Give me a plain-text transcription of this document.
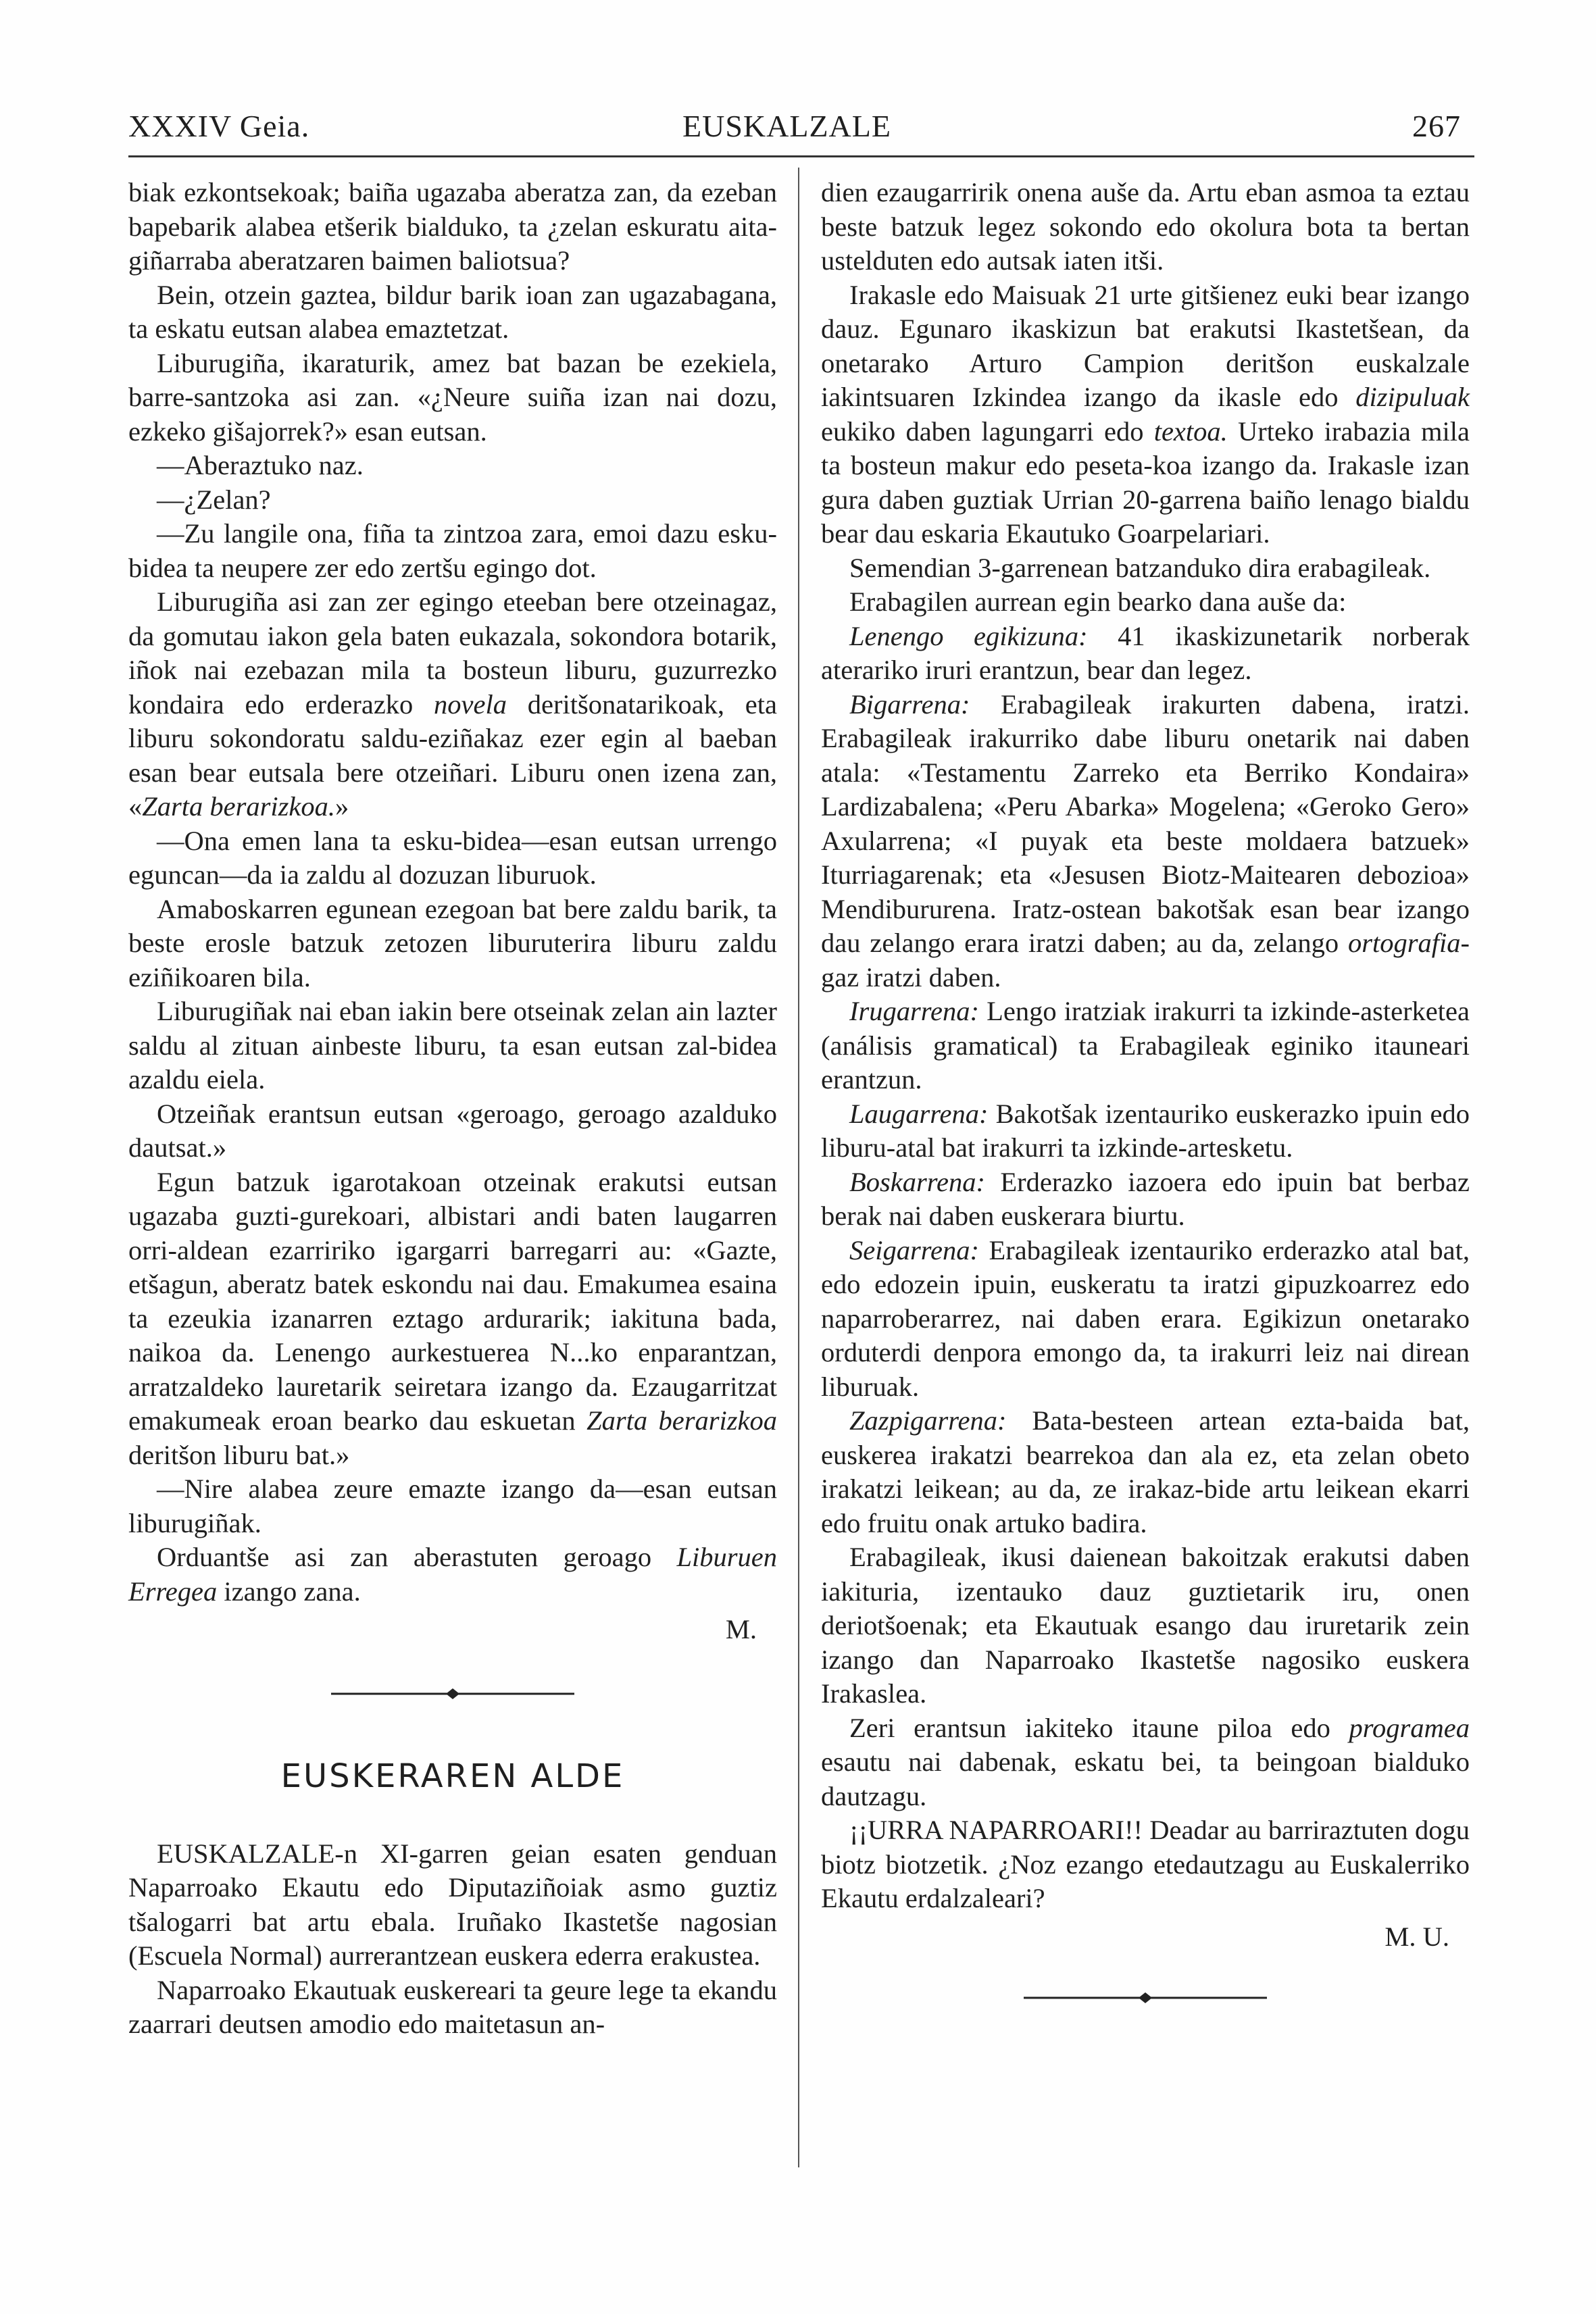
XXXIV Geia.	EUSKALZALE	267

biak ezkontsekoak; baiña ugazaba aberatza zan, da ezeban bapebarik alabea etšerik bialduko, ta ¿zelan eskuratu aita-giñarraba aberatzaren baimen baliotsua?

Bein, otzein gaztea, bildur barik ioan zan ugazabagana, ta eskatu eutsan alabea emaztetzat.

Liburugiña, ikaraturik, amez bat bazan be ezekiela, barre-santzoka asi zan. «¿Neure suiña izan nai dozu, ezkeko gišajorrek?» esan eutsan.

—Aberaztuko naz.

—¿Zelan?

—Zu langile ona, fiña ta zintzoa zara, emoi dazu esku-bidea ta neupere zer edo zertšu egingo dot.

Liburugiña asi zan zer egingo eteeban bere otzeinagaz, da gomutau iakon gela baten eukazala, sokondora botarik, iñok nai ezebazan mila ta bosteun liburu, guzurrezko kondaira edo erderazko novela deritšonatarikoak, eta liburu sokondoratu saldu-eziñakaz ezer egin al baeban esan bear eutsala bere otzeiñari. Liburu onen izena zan, «Zarta berarizkoa.»

—Ona emen lana ta esku-bidea—esan eutsan urrengo eguncan—da ia zaldu al dozuzan liburuok.

Amaboskarren egunean ezegoan bat bere zaldu barik, ta beste erosle batzuk zetozen liburuterira liburu zaldu eziñikoaren bila.

Liburugiñak nai eban iakin bere otseinak zelan ain lazter saldu al zituan ainbeste liburu, ta esan eutsan zal-bidea azaldu eiela.

Otzeiñak erantsun eutsan «geroago, geroago azalduko dautsat.»

Egun batzuk igarotakoan otzeinak erakutsi eutsan ugazaba guzti-gurekoari, albistari andi baten laugarren orri-aldean ezarririko igargarri barregarri au: «Gazte, etšagun, aberatz batek eskondu nai dau. Emakumea esaina ta ezeukia izanarren eztago ardurarik; iakituna bada, naikoa da. Lenengo aurkestuerea N...ko enparantzan, arratzaldeko lauretarik seiretara izango da. Ezaugarritzat emakumeak eroan bearko dau eskuetan Zarta berarizkoa deritšon liburu bat.»

—Nire alabea zeure emazte izango da—esan eutsan liburugiñak.

Orduantše asi zan aberastuten geroago Liburuen Erregea izango zana.

M.

EUSKERAREN ALDE

EUSKALZALE-n XI-garren geian esaten genduan Naparroako Ekautu edo Diputaziñoiak asmo guztiz tšalogarri bat artu ebala. Iruñako Ikastetše nagosian (Escuela Normal) aurrerantzean euskera ederra erakustea.

Naparroako Ekautuak euskereari ta geure lege ta ekandu zaarrari deutsen amodio edo maitetasun an-

dien ezaugarririk onena auše da. Artu eban asmoa ta eztau beste batzuk legez sokondo edo okolura bota ta bertan ustelduten edo autsak iaten itši.

Irakasle edo Maisuak 21 urte gitšienez euki bear izango dauz. Egunaro ikaskizun bat erakutsi Ikastetšean, da onetarako Arturo Campion deritšon euskalzale iakintsuaren Izkindea izango da ikasle edo dizipuluak eukiko daben lagungarri edo textoa. Urteko irabazia mila ta bosteun makur edo peseta-koa izango da. Irakasle izan gura daben guztiak Urrian 20-garrena baiño lenago bialdu bear dau eskaria Ekautuko Goarpelariari.

Semendian 3-garrenean batzanduko dira erabagileak.

Erabagilen aurrean egin bearko dana auše da:

Lenengo egikizuna: 41 ikaskizunetarik norberak aterariko iruri erantzun, bear dan legez.

Bigarrena: Erabagileak irakurten dabena, iratzi. Erabagileak irakurriko dabe liburu onetarik nai daben atala: «Testamentu Zarreko eta Berriko Kondaira» Lardizabalena; «Peru Abarka» Mogelena; «Geroko Gero» Axularrena; «I puyak eta beste moldaera batzuek» Iturriagarenak; eta «Jesusen Biotz-Maitearen debozioa» Mendibururena. Iratz-ostean bakotšak esan bear izango dau zelango erara iratzi daben; au da, zelango ortografia-gaz iratzi daben.

Irugarrena: Lengo iratziak irakurri ta izkinde-asterketea (análisis gramatical) ta Erabagileak eginiko itauneari erantzun.

Laugarrena: Bakotšak izentauriko euskerazko ipuin edo liburu-atal bat irakurri ta izkinde-artesketu.

Boskarrena: Erderazko iazoera edo ipuin bat berbaz berak nai daben euskerara biurtu.

Seigarrena: Erabagileak izentauriko erderazko atal bat, edo edozein ipuin, euskeratu ta iratzi gipuzkoarrez edo naparroberarrez, nai daben erara. Egikizun onetarako orduterdi denpora emongo da, ta irakurri leiz nai direan liburuak.

Zazpigarrena: Bata-besteen artean ezta-baida bat, euskerea irakatzi bearrekoa dan ala ez, eta zelan obeto irakatzi leikean; au da, ze irakaz-bide artu leikean ekarri edo fruitu onak artuko badira.

Erabagileak, ikusi daienean bakoitzak erakutsi daben iakituria, izentauko dauz guztietarik iru, onen deriotšoenak; eta Ekautuak esango dau iruretarik zein izango dan Naparroako Ikastetše nagosiko euskera Irakaslea.

Zeri erantsun iakiteko itaune piloa edo programea esautu nai dabenak, eskatu bei, ta beingoan bialduko dautzagu.

¡¡URRA NAPARROARI!! Deadar au barriraztuten dogu biotz biotzetik. ¿Noz ezango etedautzagu au Euskalerriko Ekautu erdalzaleari?

M. U.
